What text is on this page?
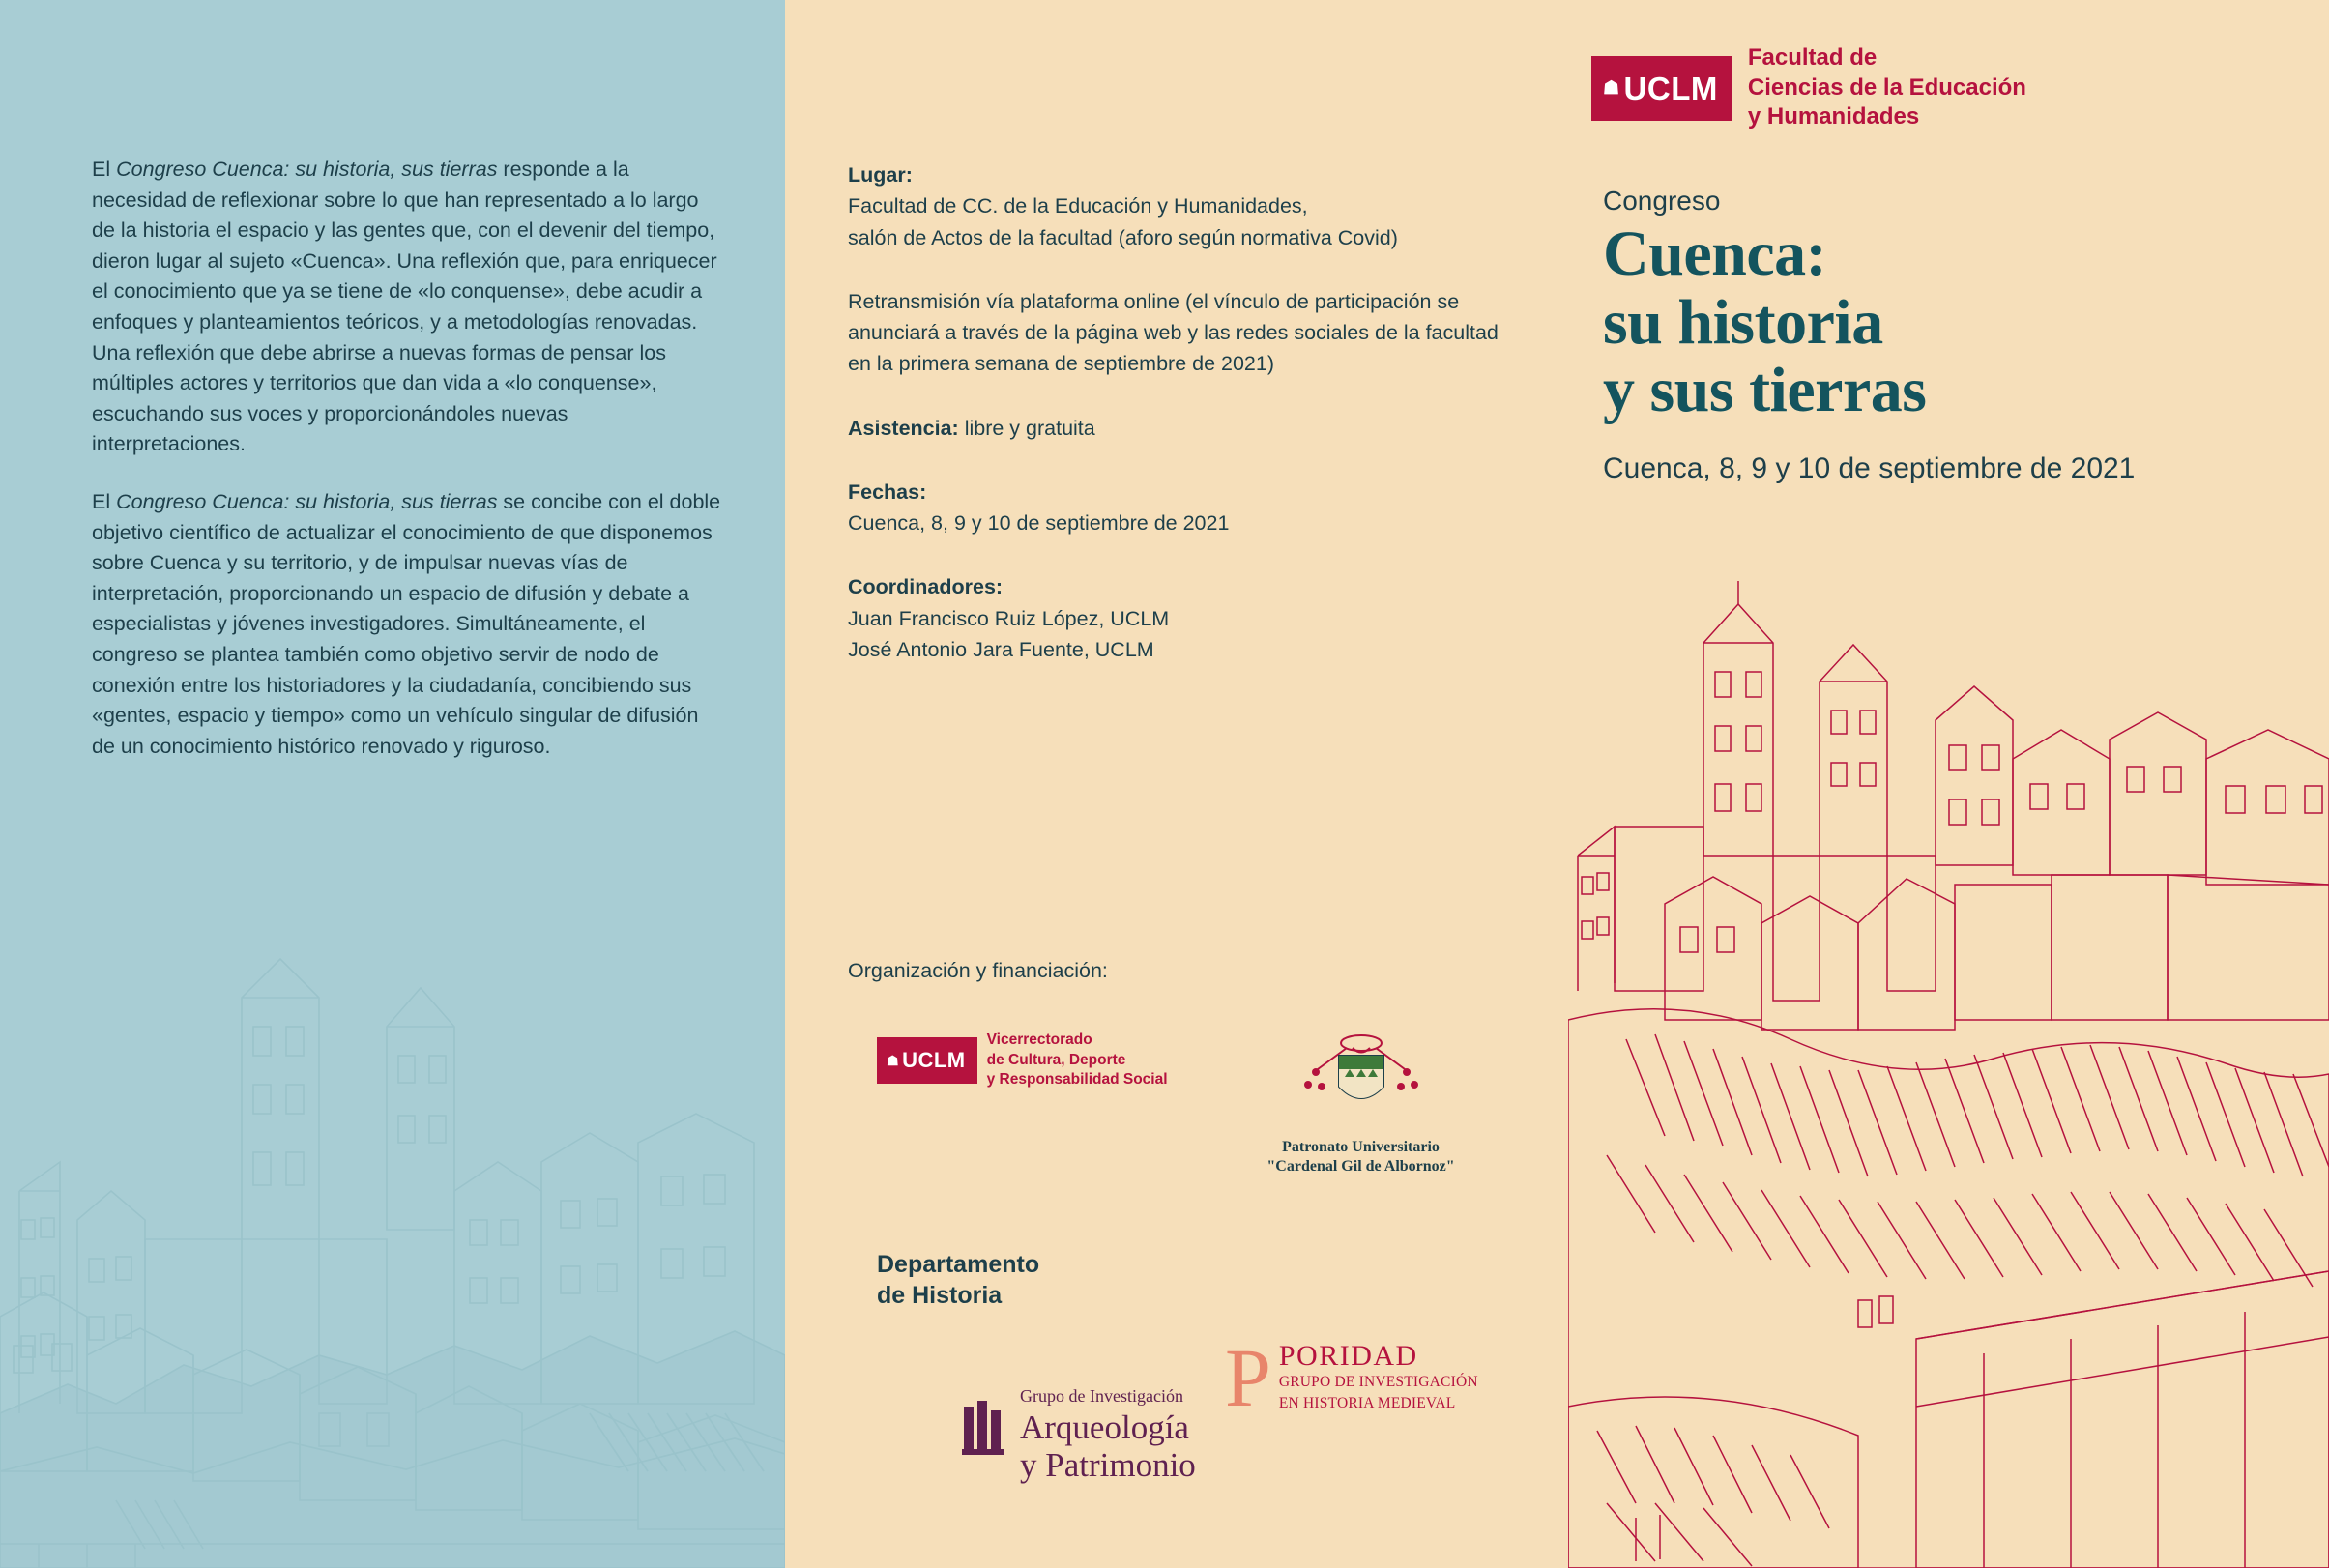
El Congreso Cuenca: su historia, sus tierras responde a la necesidad de reflexionar sobre lo que han representado a lo largo de la historia el espacio y las gentes que, con el devenir del tiempo, dieron lugar al sujeto «Cuenca». Una reflexión que, para enriquecer el conocimiento que ya se tiene de «lo conquense», debe acudir a enfoques y planteamientos teóricos, y a metodologías renovadas. Una reflexión que debe abrirse a nuevas formas de pensar los múltiples actores y territorios que dan vida a «lo conquense», escuchando sus voces y proporcionándoles nuevas interpretaciones.

El Congreso Cuenca: su historia, sus tierras se concibe con el doble objetivo científico de actualizar el conocimiento de que disponemos sobre Cuenca y su territorio, y de impulsar nuevas vías de interpretación, proporcionando un espacio de difusión y debate a especialistas y jóvenes investigadores. Simultáneamente, el congreso se plantea también como objetivo servir de nodo de conexión entre los historiadores y la ciudadanía, concibiendo sus «gentes, espacio y tiempo» como un vehículo singular de difusión de un conocimiento histórico renovado y riguroso.

Lugar:

Facultad de CC. de la Educación y Humanidades,

salón de Actos de la facultad (aforo según normativa Covid)

Retransmisión vía plataforma online (el vínculo de participación se anunciará a través de la página web y las redes sociales de la facultad en la primera semana de septiembre de 2021)

Asistencia: libre y gratuita

Fechas:

Cuenca, 8, 9 y 10 de septiembre de 2021

Coordinadores:

Juan Francisco Ruiz López, UCLM

José Antonio Jara Fuente, UCLM

Organización y financiación:
☗ UCLM
Vicerrectorado
de Cultura, Deporte
y Responsabilidad Social
Patronato Universitario
"Cardenal Gil de Albornoz"
Departamento
de Historia
P PORIDAD
GRUPO DE INVESTIGACIÓN
EN HISTORIA MEDIEVAL
Grupo de Investigación
Arqueología
y Patrimonio
☗ UCLM
Facultad de
Ciencias de la Educación
y Humanidades
Congreso
Cuenca:
su historia
y sus tierras
Cuenca, 8, 9 y 10 de septiembre de 2021
